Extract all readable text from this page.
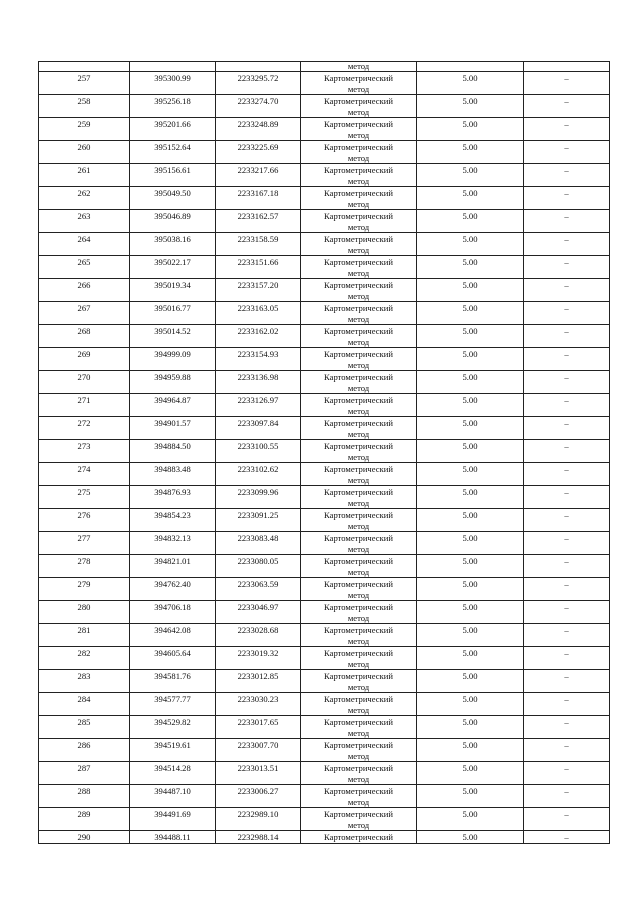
			метод		

257	395300.99	2233295.72	Картометрический
метод	5.00	–

258	395256.18	2233274.70	Картометрический
метод	5.00	–

259	395201.66	2233248.89	Картометрический
метод	5.00	–

260	395152.64	2233225.69	Картометрический
метод	5.00	–

261	395156.61	2233217.66	Картометрический
метод	5.00	–

262	395049.50	2233167.18	Картометрический
метод	5.00	–

263	395046.89	2233162.57	Картометрический
метод	5.00	–

264	395038.16	2233158.59	Картометрический
метод	5.00	–

265	395022.17	2233151.66	Картометрический
метод	5.00	–

266	395019.34	2233157.20	Картометрический
метод	5.00	–

267	395016.77	2233163.05	Картометрический
метод	5.00	–

268	395014.52	2233162.02	Картометрический
метод	5.00	–

269	394999.09	2233154.93	Картометрический
метод	5.00	–

270	394959.88	2233136.98	Картометрический
метод	5.00	–

271	394964.87	2233126.97	Картометрический
метод	5.00	–

272	394901.57	2233097.84	Картометрический
метод	5.00	–

273	394884.50	2233100.55	Картометрический
метод	5.00	–

274	394883.48	2233102.62	Картометрический
метод	5.00	–

275	394876.93	2233099.96	Картометрический
метод	5.00	–

276	394854.23	2233091.25	Картометрический
метод	5.00	–

277	394832.13	2233083.48	Картометрический
метод	5.00	–

278	394821.01	2233080.05	Картометрический
метод	5.00	–

279	394762.40	2233063.59	Картометрический
метод	5.00	–

280	394706.18	2233046.97	Картометрический
метод	5.00	–

281	394642.08	2233028.68	Картометрический
метод	5.00	–

282	394605.64	2233019.32	Картометрический
метод	5.00	–

283	394581.76	2233012.85	Картометрический
метод	5.00	–

284	394577.77	2233030.23	Картометрический
метод	5.00	–

285	394529.82	2233017.65	Картометрический
метод	5.00	–

286	394519.61	2233007.70	Картометрический
метод	5.00	–

287	394514.28	2233013.51	Картометрический
метод	5.00	–

288	394487.10	2233006.27	Картометрический
метод	5.00	–

289	394491.69	2232989.10	Картометрический
метод	5.00	–

290	394488.11	2232988.14	Картометрический	5.00	–
